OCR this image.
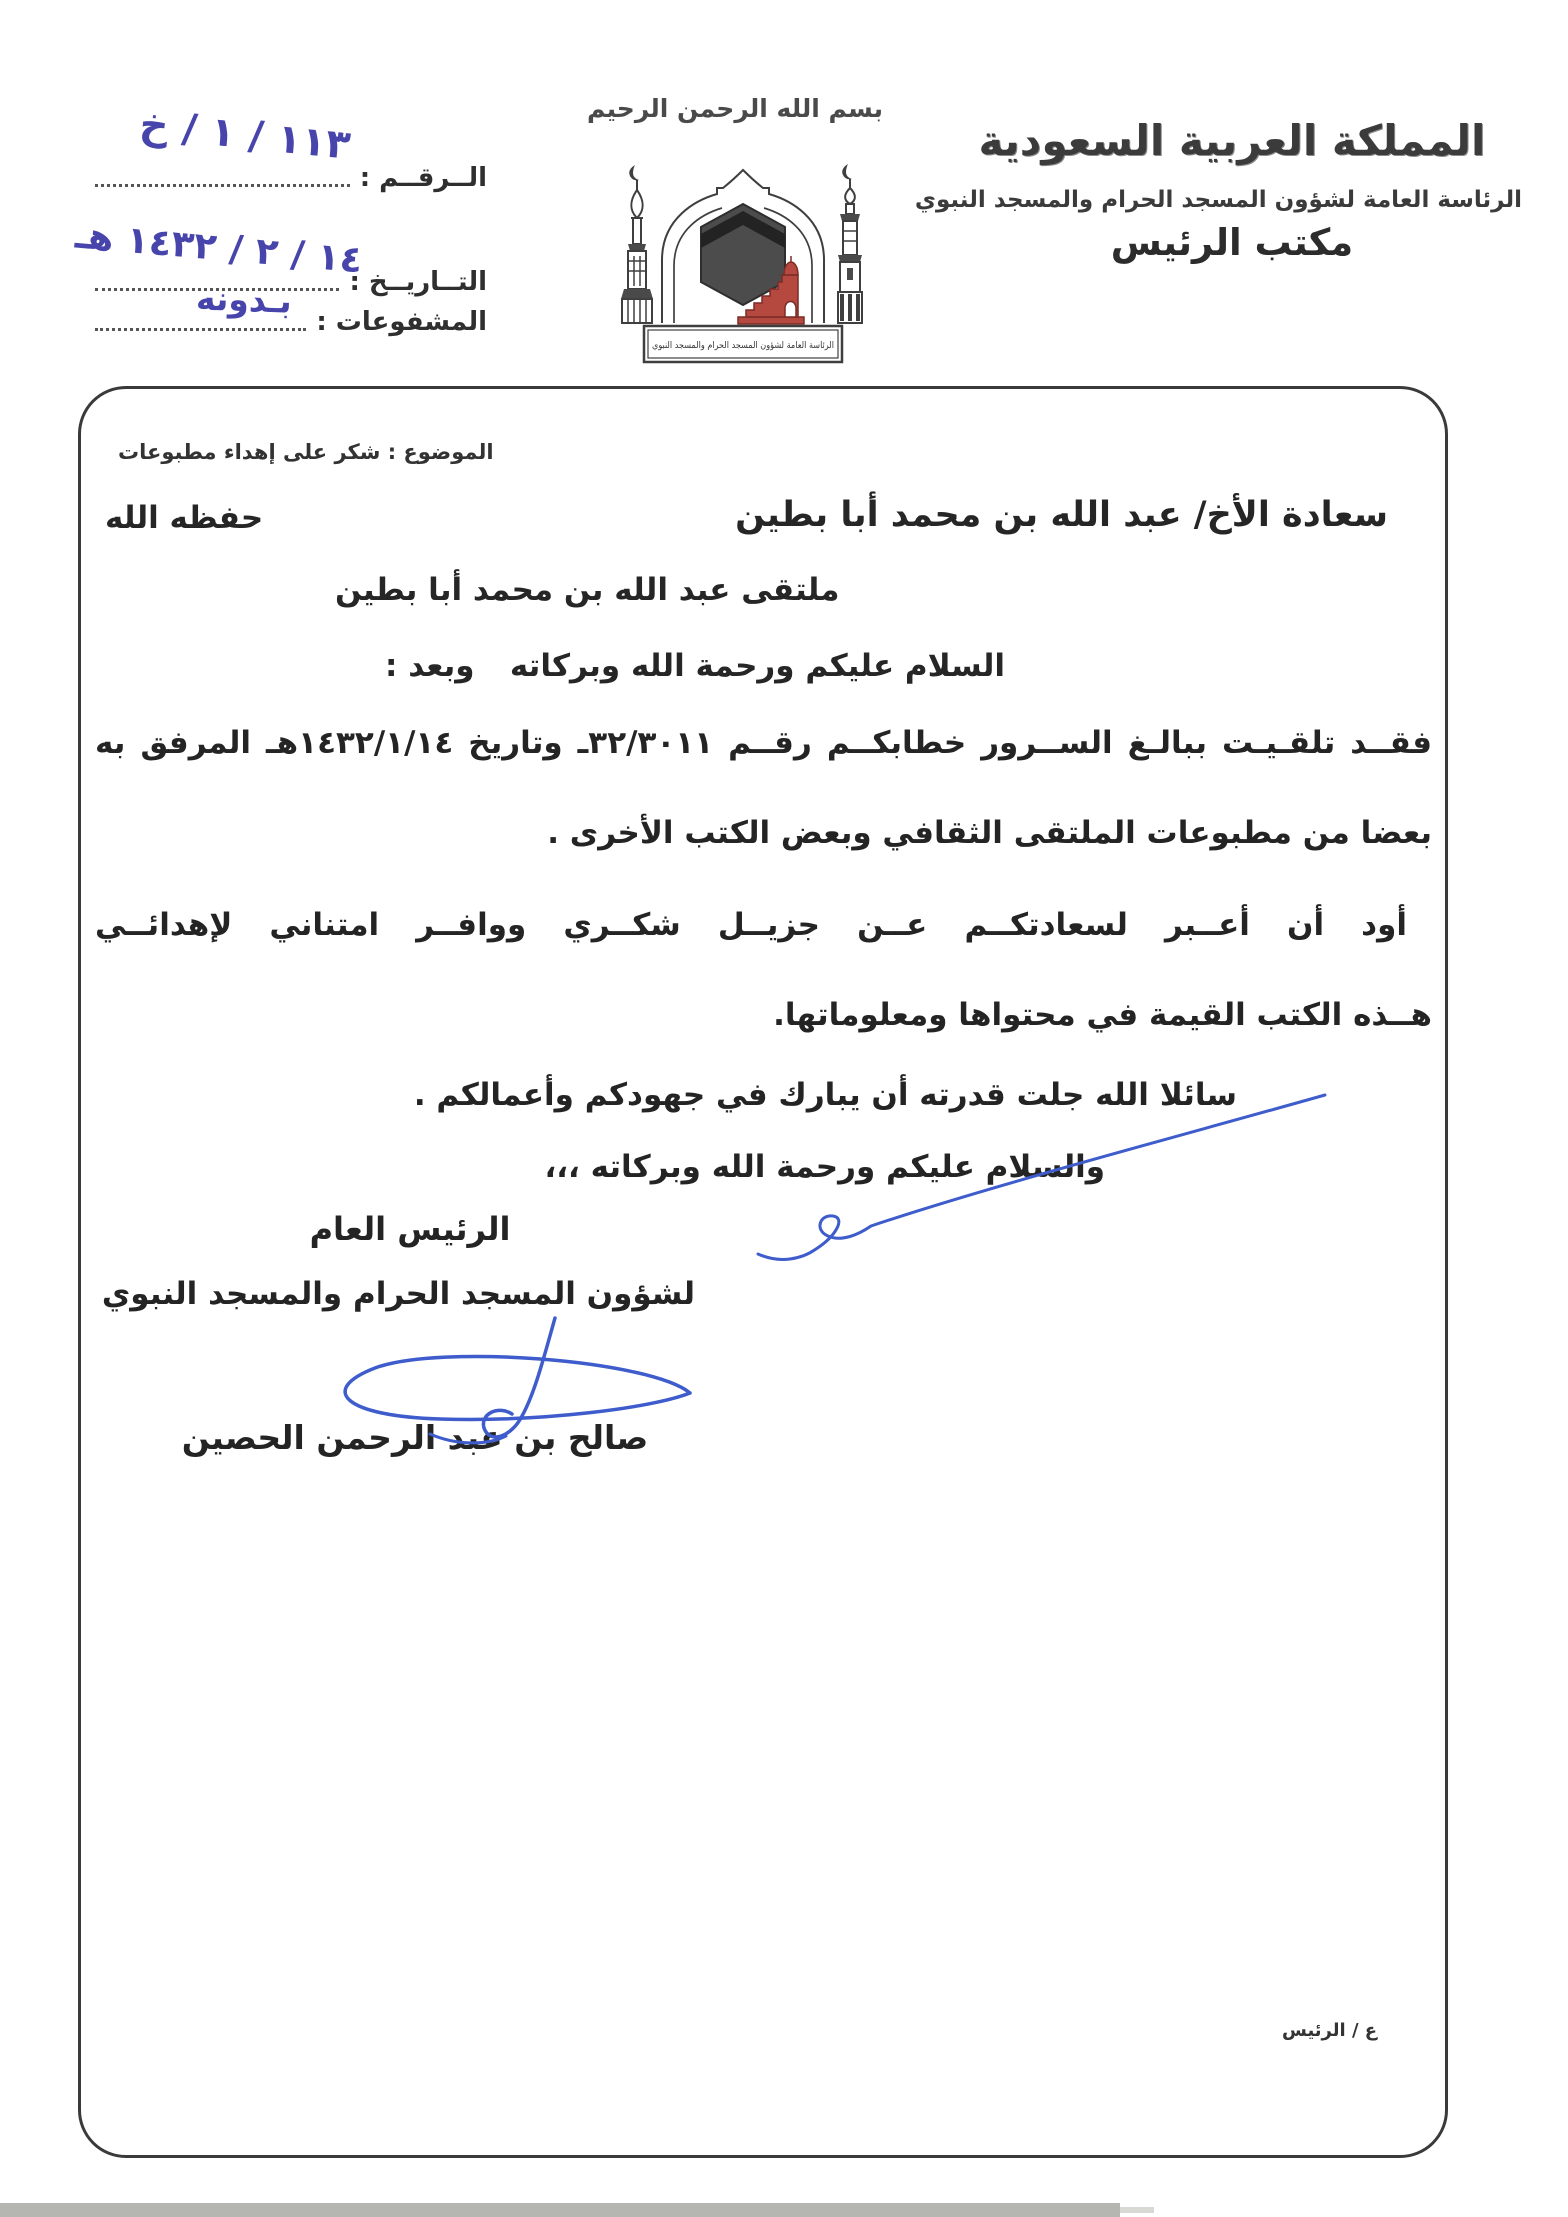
بسم الله الرحمن الرحيم
المملكة العربية السعودية
الرئاسة العامة لشؤون المسجد الحرام والمسجد النبوي
مكتب الرئيس
الرئاسة العامة لشؤون المسجد الحرام والمسجد النبوي
الــرقــم :
التــاريــخ :
المشفوعات :
١١٣ / ١ / خ
١٤ / ٢ / ١٤٣٢ هـ
بـدونه
الموضوع : شكر على إهداء مطبوعات
سعادة الأخ/ عبد الله بن محمد أبا بطين
حفظه الله
ملتقى عبد الله بن محمد أبا بطين
السلام عليكم ورحمة الله وبركاته
وبعد :
فقــد تلقـيـت ببالـغ الســرور خطابكــم رقــم ٣٢/٣٠١١ـ وتاريخ ١٤٣٢/١/١٤هـ المرفق به
بعضا من مطبوعات الملتقى الثقافي وبعض الكتب الأخرى .
أود أن أعــبر لسعادتكــم عــن جزيــل شكــري ووافــر امتناني لإهدائــي
هــذه الكتب القيمة في محتواها ومعلوماتها.
سائلا الله جلت قدرته أن يبارك في جهودكم وأعمالكم .
والسلام عليكم ورحمة الله وبركاته ،،،
الرئيس العام
لشؤون المسجد الحرام والمسجد النبوي
صالح بن عبد الرحمن الحصين
ع / الرئيس
